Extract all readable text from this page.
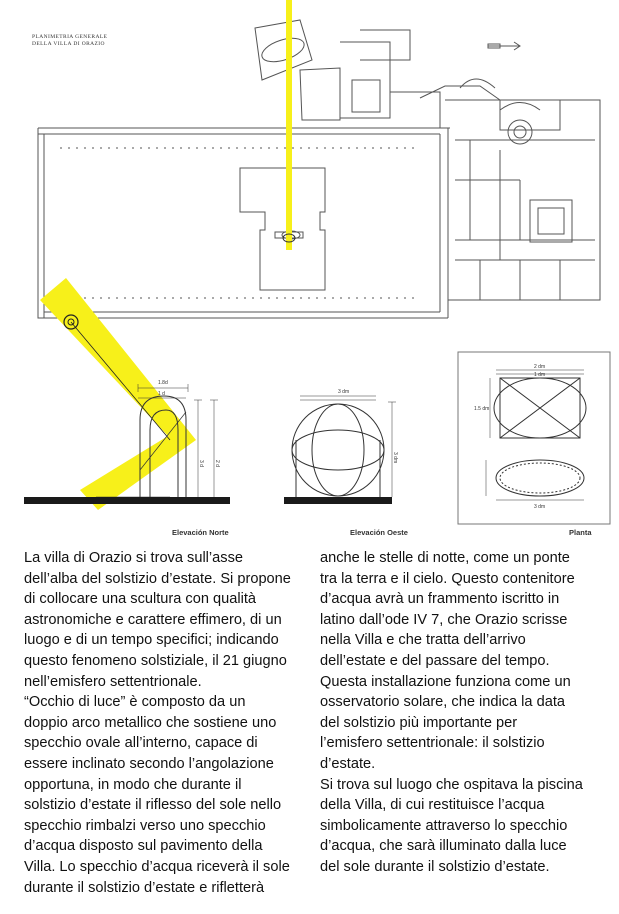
1.8d
1 d
3 d 2 d
3 dm
3 dm
2 dm
1 dm
1.5 dm
3 dm
PLANIMETRIA GENERALE
DELLA VILLA DI ORAZIO
Elevación Norte	Elevación Oeste	Planta

La villa di Orazio si trova sull’asse

dell’alba del solstizio d’estate. Si propone

di collocare una scultura con qualità

astronomiche e carattere effimero, di un

luogo e di un tempo specifici; indicando

questo fenomeno solstiziale, il 21 giugno

nell’emisfero settentrionale.

“Occhio di luce” è composto da un

doppio arco metallico che sostiene uno

specchio ovale all’interno, capace di

essere inclinato secondo l’angolazione

opportuna, in modo che durante il

solstizio d’estate il riflesso del sole nello

specchio rimbalzi verso uno specchio

d’acqua disposto sul pavimento della

Villa. Lo specchio d’acqua riceverà il sole

durante il solstizio d’estate e rifletterà

anche le stelle di notte, come un ponte

tra la terra e il cielo. Questo contenitore

d’acqua avrà un frammento iscritto in

latino dall’ode IV 7, che Orazio scrisse

nella Villa e che tratta dell’arrivo

dell’estate e del passare del tempo.

Questa installazione funziona come un

osservatorio solare, che indica la data

del solstizio più importante per

l’emisfero settentrionale: il solstizio

d’estate.

Si trova sul luogo che ospitava la piscina

della Villa, di cui restituisce l’acqua

simbolicamente attraverso lo specchio

d’acqua, che sarà illuminato dalla luce

del sole durante il solstizio d’estate.
